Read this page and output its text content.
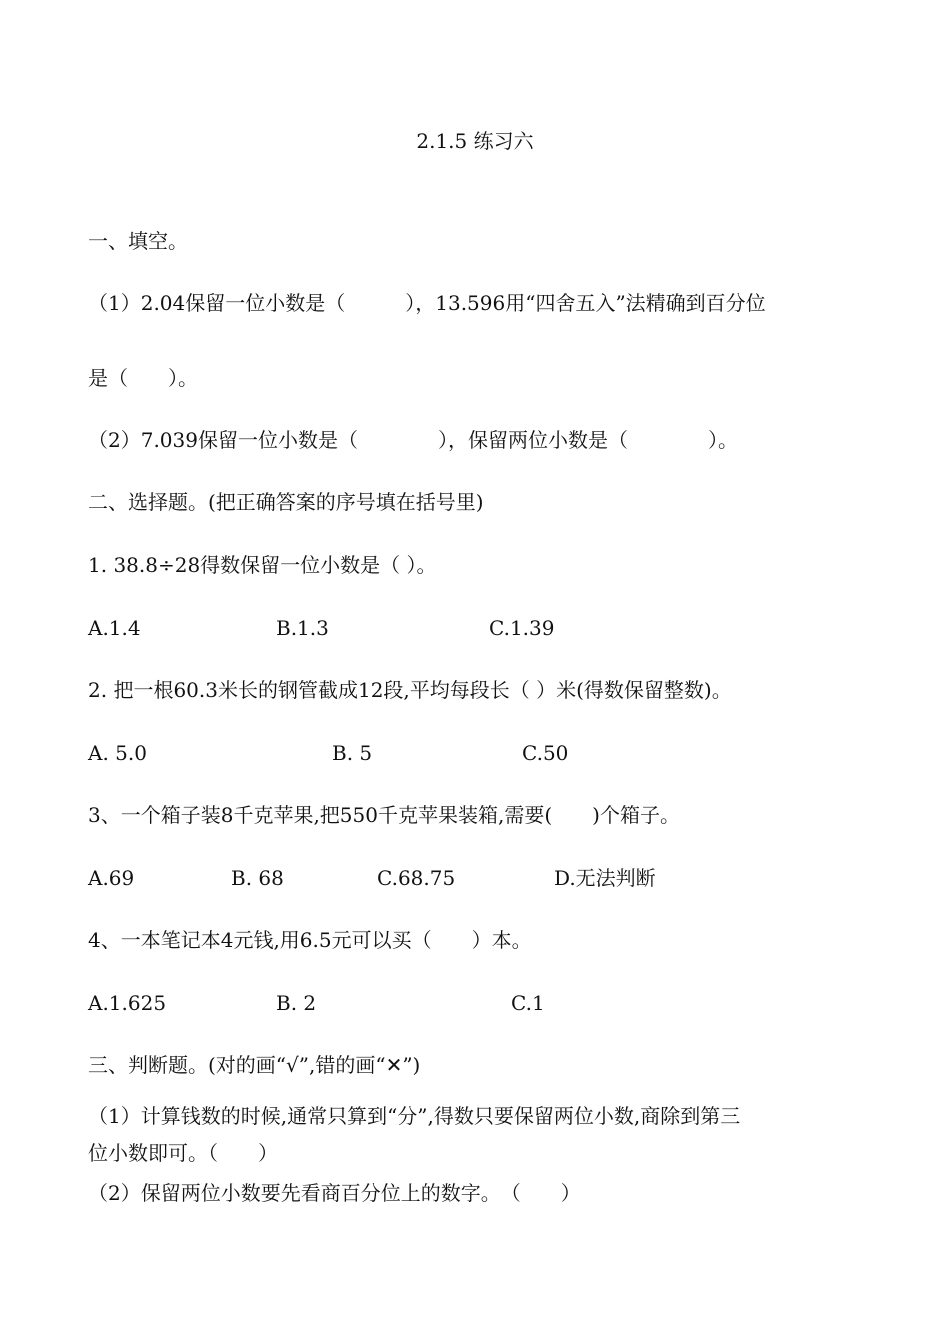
2.1.5 练习六
一、填空。
（1）2.04保留一位小数是（　　　），13.596用“四舍五入”法精确到百分位
是（　　）。
（2）7.039保留一位小数是（　　　　），保留两位小数是（　　　　）。
二、选择题。(把正确答案的序号填在括号里)
1. 38.8÷28得数保留一位小数是（ ）。
A.1.4	B.1.3	C.1.39
2. 把一根60.3米长的钢管截成12段,平均每段长（ ）米(得数保留整数)。
A. 5.0	B. 5	C.50
3、一个箱子装8千克苹果,把550千克苹果装箱,需要(　　)个箱子。
A.69	B. 68	C.68.75	D.无法判断
4、一本笔记本4元钱,用6.5元可以买（　　）本。
A.1.625	B. 2	C.1
三、判断题。(对的画“√”,错的画“✕”)
（1）计算钱数的时候,通常只算到“分”,得数只要保留两位小数,商除到第三
位小数即可。（　　）
（2）保留两位小数要先看商百分位上的数字。　（　　）
